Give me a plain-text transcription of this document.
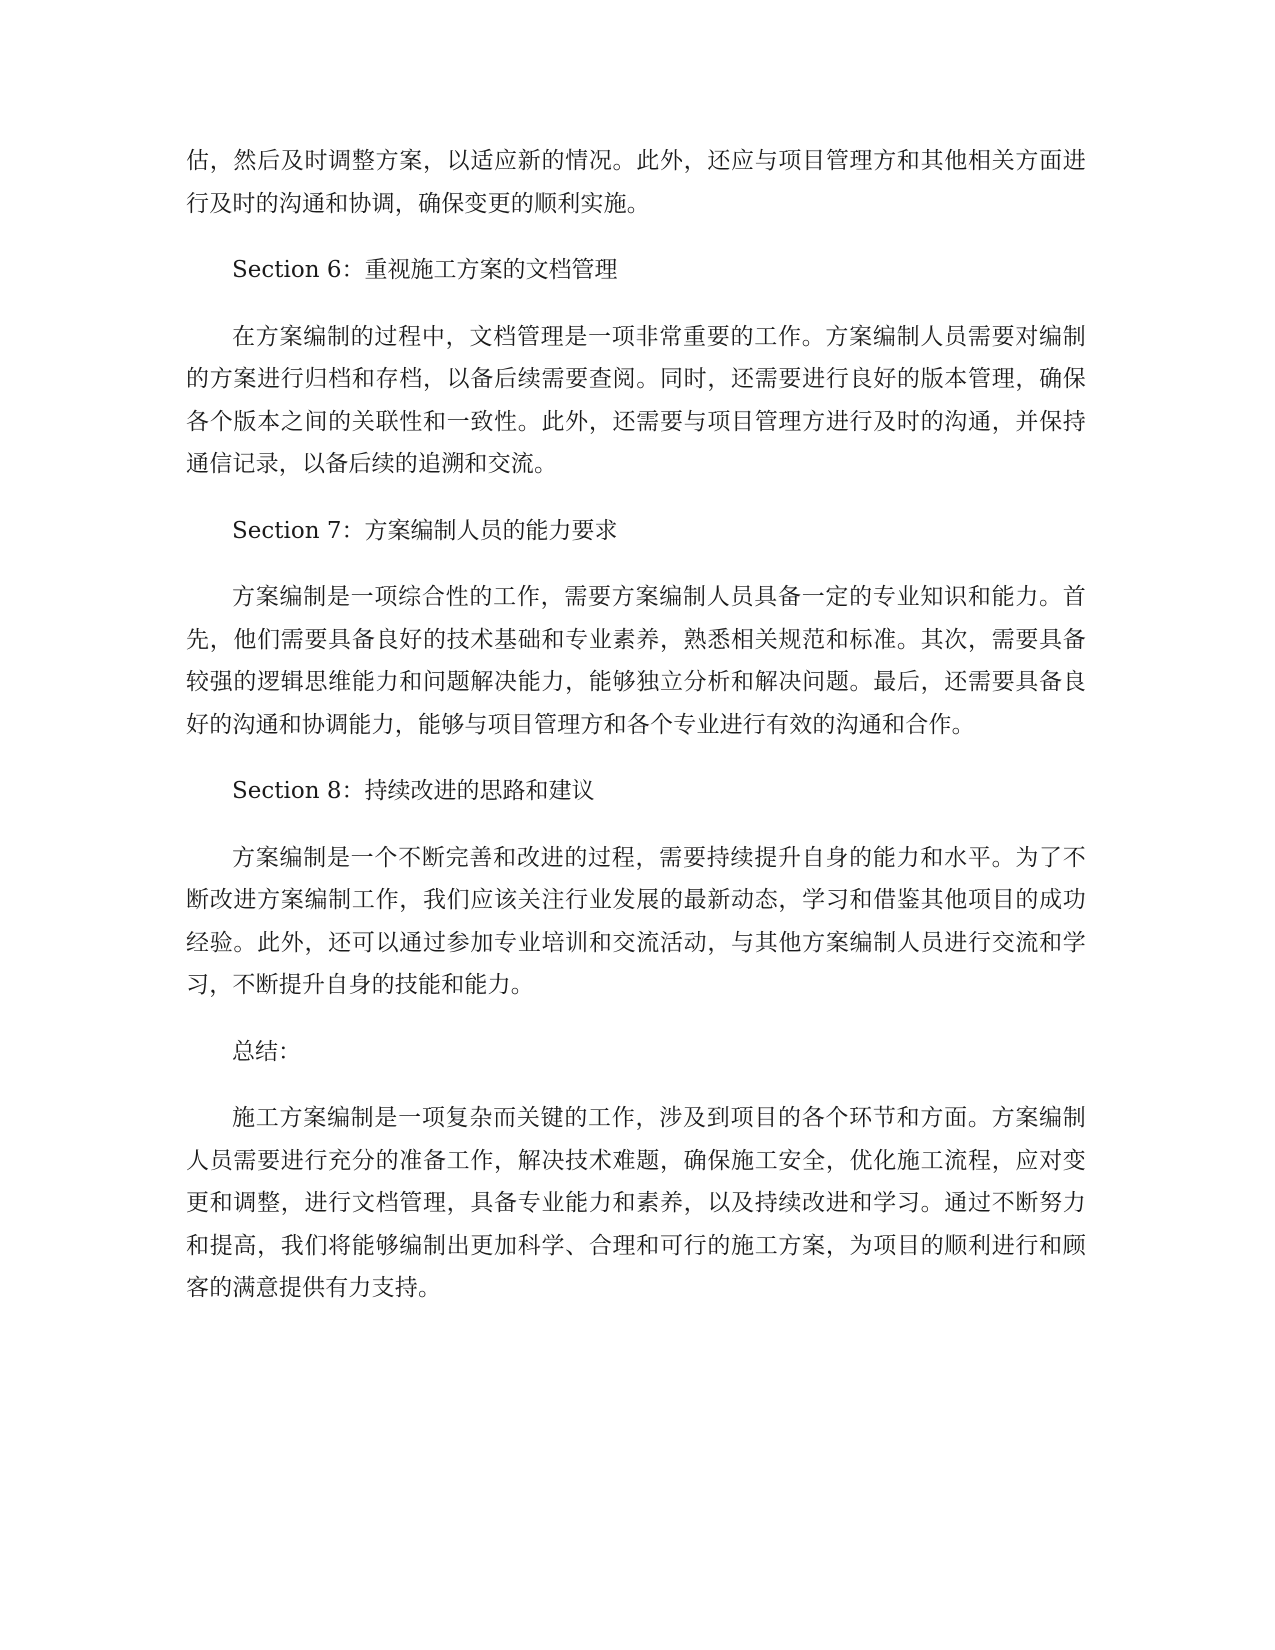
估，然后及时调整方案，以适应新的情况。此外，还应与项目管理方和其他相关方面进行及时的沟通和协调，确保变更的顺利实施。

Section 6：重视施工方案的文档管理

在方案编制的过程中，文档管理是一项非常重要的工作。方案编制人员需要对编制的方案进行归档和存档，以备后续需要查阅。同时，还需要进行良好的版本管理，确保各个版本之间的关联性和一致性。此外，还需要与项目管理方进行及时的沟通，并保持通信记录，以备后续的追溯和交流。

Section 7：方案编制人员的能力要求

方案编制是一项综合性的工作，需要方案编制人员具备一定的专业知识和能力。首先，他们需要具备良好的技术基础和专业素养，熟悉相关规范和标准。其次，需要具备较强的逻辑思维能力和问题解决能力，能够独立分析和解决问题。最后，还需要具备良好的沟通和协调能力，能够与项目管理方和各个专业进行有效的沟通和合作。

Section 8：持续改进的思路和建议

方案编制是一个不断完善和改进的过程，需要持续提升自身的能力和水平。为了不断改进方案编制工作，我们应该关注行业发展的最新动态，学习和借鉴其他项目的成功经验。此外，还可以通过参加专业培训和交流活动，与其他方案编制人员进行交流和学习，不断提升自身的技能和能力。

总结：

施工方案编制是一项复杂而关键的工作，涉及到项目的各个环节和方面。方案编制人员需要进行充分的准备工作，解决技术难题，确保施工安全，优化施工流程，应对变更和调整，进行文档管理，具备专业能力和素养，以及持续改进和学习。通过不断努力和提高，我们将能够编制出更加科学、合理和可行的施工方案，为项目的顺利进行和顾客的满意提供有力支持。
